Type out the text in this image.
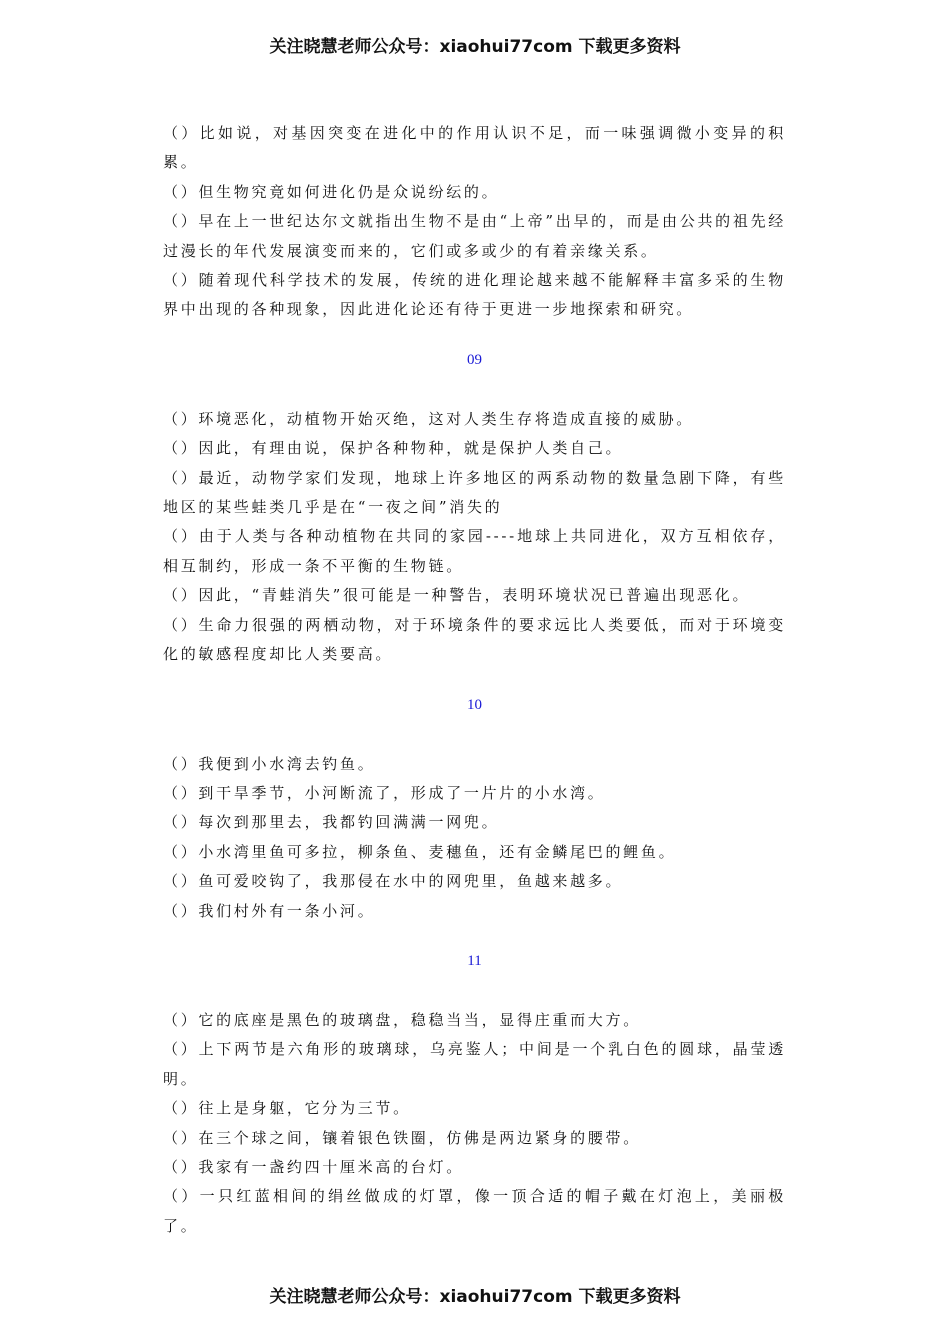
关注晓慧老师公众号：xiaohui77com 下载更多资料

（）比如说，对基因突变在进化中的作用认识不足，而一味强调微小变异的积累。

（）但生物究竟如何进化仍是众说纷纭的。

（）早在上一世纪达尔文就指出生物不是由“上帝”出早的，而是由公共的祖先经过漫长的年代发展演变而来的，它们或多或少的有着亲缘关系。

（）随着现代科学技术的发展，传统的进化理论越来越不能解释丰富多采的生物界中出现的各种现象，因此进化论还有待于更进一步地探索和研究。

09

（）环境恶化，动植物开始灭绝，这对人类生存将造成直接的威胁。

（）因此，有理由说，保护各种物种，就是保护人类自己。

（）最近，动物学家们发现，地球上许多地区的两系动物的数量急剧下降，有些地区的某些蛙类几乎是在“一夜之间”消失的

（）由于人类与各种动植物在共同的家园----地球上共同进化，双方互相依存，相互制约，形成一条不平衡的生物链。

（）因此，“青蛙消失”很可能是一种警告，表明环境状况已普遍出现恶化。

（）生命力很强的两栖动物，对于环境条件的要求远比人类要低，而对于环境变化的敏感程度却比人类要高。

10

（）我便到小水湾去钓鱼。

（）到干旱季节，小河断流了，形成了一片片的小水湾。

（）每次到那里去，我都钓回满满一网兜。

（）小水湾里鱼可多拉，柳条鱼、麦穗鱼，还有金鳞尾巴的鲤鱼。

（）鱼可爱咬钩了，我那侵在水中的网兜里，鱼越来越多。

（）我们村外有一条小河。

11

（）它的底座是黑色的玻璃盘，稳稳当当，显得庄重而大方。

（）上下两节是六角形的玻璃球，乌亮鉴人；中间是一个乳白色的圆球，晶莹透明。

（）往上是身躯，它分为三节。

（）在三个球之间，镶着银色铁圈，仿佛是两边紧身的腰带。

（）我家有一盏约四十厘米高的台灯。

（）一只红蓝相间的绢丝做成的灯罩，像一顶合适的帽子戴在灯泡上，美丽极了。

关注晓慧老师公众号：xiaohui77com 下载更多资料
